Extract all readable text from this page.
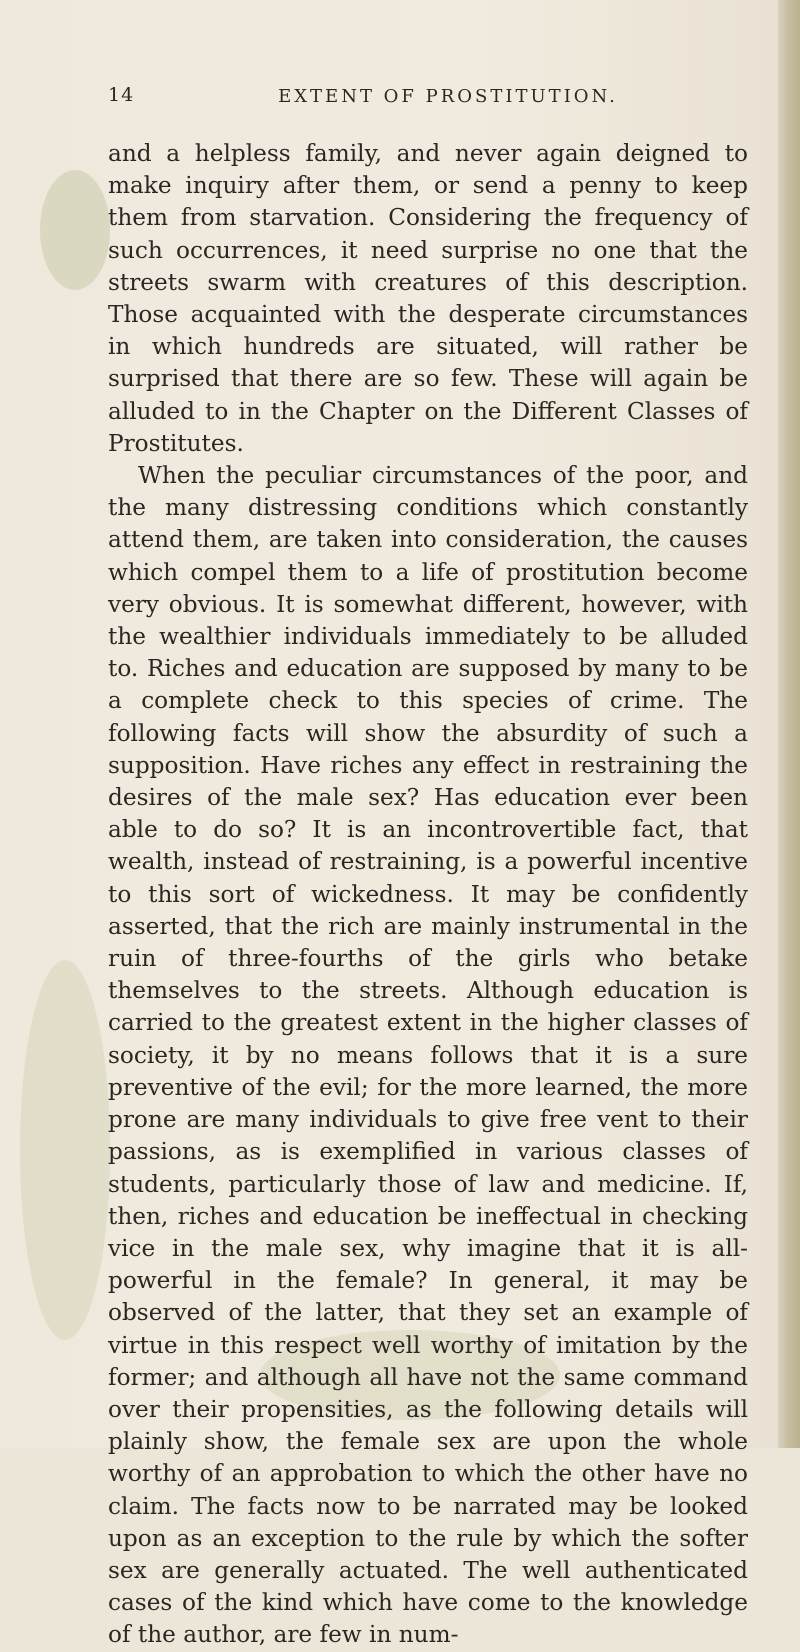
14	EXTENT OF PROSTITUTION.

and a helpless family, and never again deigned to make inquiry after them, or send a penny to keep them from starvation. Considering the frequency of such occurrences, it need surprise no one that the streets swarm with creatures of this description. Those acquainted with the desperate circumstances in which hundreds are situated, will rather be surprised that there are so few. These will again be alluded to in the Chapter on the Different Classes of Prostitutes.

When the peculiar circumstances of the poor, and the many distressing conditions which constantly attend them, are taken into consideration, the causes which compel them to a life of prostitution become very obvious. It is somewhat different, however, with the wealthier individuals immediately to be alluded to. Riches and education are supposed by many to be a complete check to this species of crime. The following facts will show the absurdity of such a supposition. Have riches any effect in restraining the desires of the male sex? Has education ever been able to do so? It is an incontrovertible fact, that wealth, instead of restraining, is a powerful incentive to this sort of wickedness. It may be confidently asserted, that the rich are mainly instrumental in the ruin of three-fourths of the girls who betake themselves to the streets. Although education is carried to the greatest extent in the higher classes of society, it by no means follows that it is a sure preventive of the evil; for the more learned, the more prone are many individuals to give free vent to their passions, as is exemplified in various classes of students, particularly those of law and medicine. If, then, riches and education be ineffectual in checking vice in the male sex, why imagine that it is all-powerful in the female? In general, it may be observed of the latter, that they set an example of virtue in this respect well worthy of imitation by the former; and although all have not the same command over their propensities, as the following details will plainly show, the female sex are upon the whole worthy of an approbation to which the other have no claim. The facts now to be narrated may be looked upon as an exception to the rule by which the softer sex are generally actuated. The well authenticated cases of the kind which have come to the knowledge of the author, are few in num-
